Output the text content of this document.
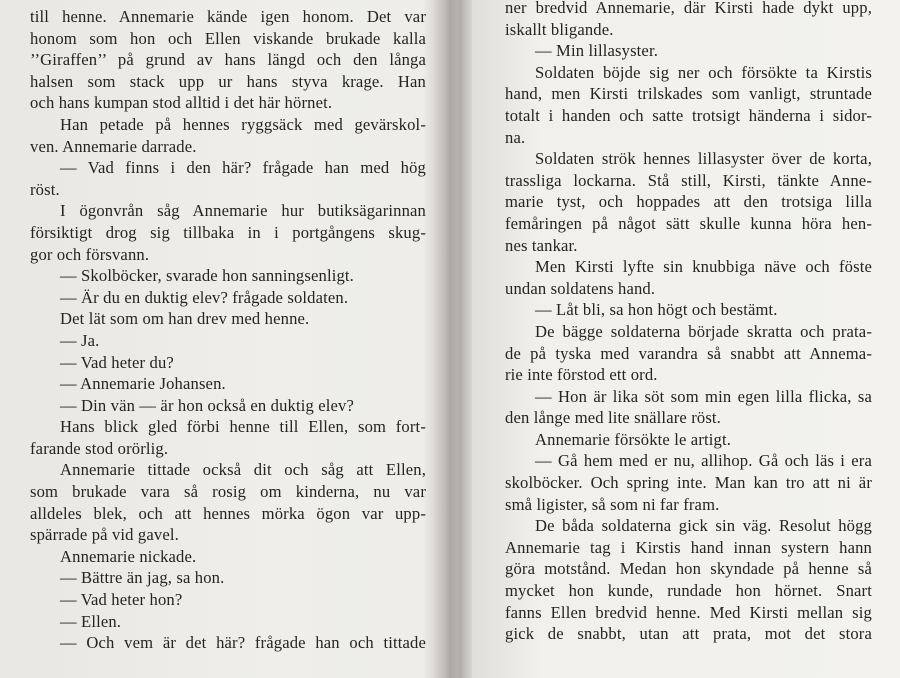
till henne. Annemarie kände igen honom. Det var
honom som hon och Ellen viskande brukade kalla
’’Giraffen’’ på grund av hans längd och den långa
halsen som stack upp ur hans styva krage. Han
och hans kumpan stod alltid i det här hörnet.
Han petade på hennes ryggsäck med gevärskol-
ven. Annemarie darrade.
— Vad finns i den här? frågade han med hög
röst.
I ögonvrån såg Annemarie hur butiksägarinnan
försiktigt drog sig tillbaka in i portgångens skug-
gor och försvann.
— Skolböcker, svarade hon sanningsenligt.
— Är du en duktig elev? frågade soldaten.
Det lät som om han drev med henne.
— Ja.
— Vad heter du?
— Annemarie Johansen.
— Din vän — är hon också en duktig elev?
Hans blick gled förbi henne till Ellen, som fort-
farande stod orörlig.
Annemarie tittade också dit och såg att Ellen,
som brukade vara så rosig om kinderna, nu var
alldeles blek, och att hennes mörka ögon var upp-
spärrade på vid gavel.
Annemarie nickade.
— Bättre än jag, sa hon.
— Vad heter hon?
— Ellen.
— Och vem är det här? frågade han och tittade
ner bredvid Annemarie, där Kirsti hade dykt upp,
iskallt bligande.
— Min lillasyster.
Soldaten böjde sig ner och försökte ta Kirstis
hand, men Kirsti trilskades som vanligt, struntade
totalt i handen och satte trotsigt händerna i sidor-
na.
Soldaten strök hennes lillasyster över de korta,
trassliga lockarna. Stå still, Kirsti, tänkte Anne-
marie tyst, och hoppades att den trotsiga lilla
femåringen på något sätt skulle kunna höra hen-
nes tankar.
Men Kirsti lyfte sin knubbiga näve och föste
undan soldatens hand.
— Låt bli, sa hon högt och bestämt.
De bägge soldaterna började skratta och prata-
de på tyska med varandra så snabbt att Annema-
rie inte förstod ett ord.
— Hon är lika söt som min egen lilla flicka, sa
den långe med lite snällare röst.
Annemarie försökte le artigt.
— Gå hem med er nu, allihop. Gå och läs i era
skolböcker. Och spring inte. Man kan tro att ni är
små ligister, så som ni far fram.
De båda soldaterna gick sin väg. Resolut högg
Annemarie tag i Kirstis hand innan systern hann
göra motstånd. Medan hon skyndade på henne så
mycket hon kunde, rundade hon hörnet. Snart
fanns Ellen bredvid henne. Med Kirsti mellan sig
gick de snabbt, utan att prata, mot det stora
